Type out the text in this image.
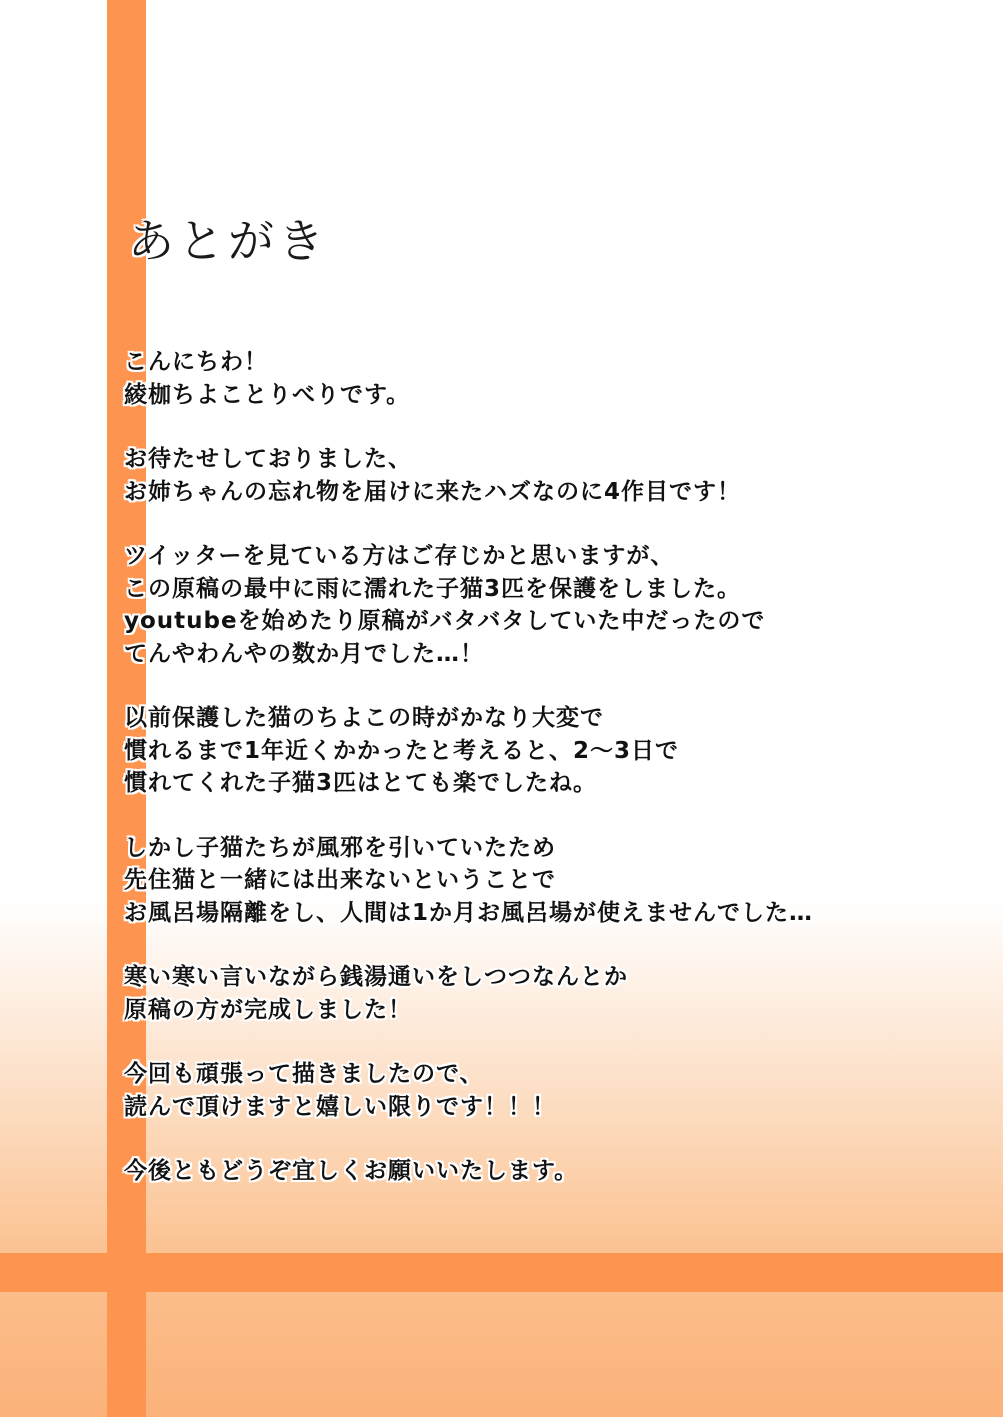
あとがき
こんにちわ！
綾枷ちよことりべりです。
お待たせしておりました、
お姉ちゃんの忘れ物を届けに来たハズなのに4作目です！
ツイッターを見ている方はご存じかと思いますが、
この原稿の最中に雨に濡れた子猫3匹を保護をしました。
youtubeを始めたり原稿がバタバタしていた中だったので
てんやわんやの数か月でした…！
以前保護した猫のちよこの時がかなり大変で
慣れるまで1年近くかかったと考えると、2〜3日で
慣れてくれた子猫3匹はとても楽でしたね。
しかし子猫たちが風邪を引いていたため
先住猫と一緒には出来ないということで
お風呂場隔離をし、人間は1か月お風呂場が使えませんでした…
寒い寒い言いながら銭湯通いをしつつなんとか
原稿の方が完成しました！
今回も頑張って描きましたので、
読んで頂けますと嬉しい限りです！！！
今後ともどうぞ宜しくお願いいたします。
